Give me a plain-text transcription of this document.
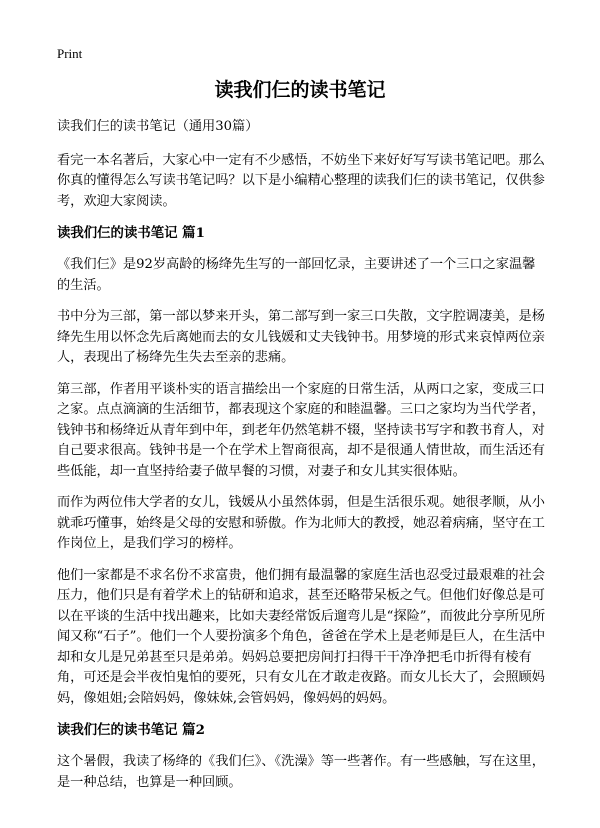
Print
读我们仨的读书笔记

读我们仨的读书笔记（通用30篇）

看完一本名著后，大家心中一定有不少感悟，不妨坐下来好好写写读书笔记吧。那么你真的懂得怎么写读书笔记吗？以下是小编精心整理的读我们仨的读书笔记，仅供参考，欢迎大家阅读。

读我们仨的读书笔记 篇1

《我们仨》是92岁高龄的杨绛先生写的一部回忆录，主要讲述了一个三口之家温馨的生活。

书中分为三部，第一部以梦来开头，第二部写到一家三口失散，文字腔调凄美，是杨绛先生用以怀念先后离她而去的女儿钱媛和丈夫钱钟书。用梦境的形式来哀悼两位亲人，表现出了杨绛先生失去至亲的悲痛。

第三部，作者用平谈朴实的语言描绘出一个家庭的日常生活，从两口之家，变成三口之家。点点滴滴的生活细节，都表现这个家庭的和睦温馨。三口之家均为当代学者，钱钟书和杨绛近从青年到中年，到老年仍然笔耕不辍，坚持读书写字和教书育人，对自己要求很高。钱钟书是一个在学术上智商很高，却不是很通人情世故，而生活还有些低能，却一直坚持给妻子做早餐的习惯，对妻子和女儿其实很体贴。

而作为两位伟大学者的女儿，钱媛从小虽然体弱，但是生活很乐观。她很孝顺，从小就乖巧懂事，始终是父母的安慰和骄傲。作为北师大的教授，她忍着病痛，坚守在工作岗位上，是我们学习的榜样。

他们一家都是不求名份不求富贵，他们拥有最温馨的家庭生活也忍受过最艰难的社会压力，他们只是有着学术上的钻研和追求，甚至还略带呆板之气。但他们好像总是可以在平谈的生活中找出趣来，比如夫妻经常饭后遛弯儿是“探险”，而彼此分享所见所闻又称“石子”。他们一个人要扮演多个角色，爸爸在学术上是老师是巨人，在生活中却和女儿是兄弟甚至只是弟弟。妈妈总要把房间打扫得干干净净把毛巾折得有棱有角，可还是会半夜怕鬼怕的要死，只有女儿在才敢走夜路。而女儿长大了，会照顾妈妈，像姐姐;会陪妈妈，像妹妹,会管妈妈，像妈妈的妈妈。

读我们仨的读书笔记 篇2

这个暑假，我读了杨绛的《我们仨》、《洗澡》等一些著作。有一些感触，写在这里，是一种总结，也算是一种回顾。
